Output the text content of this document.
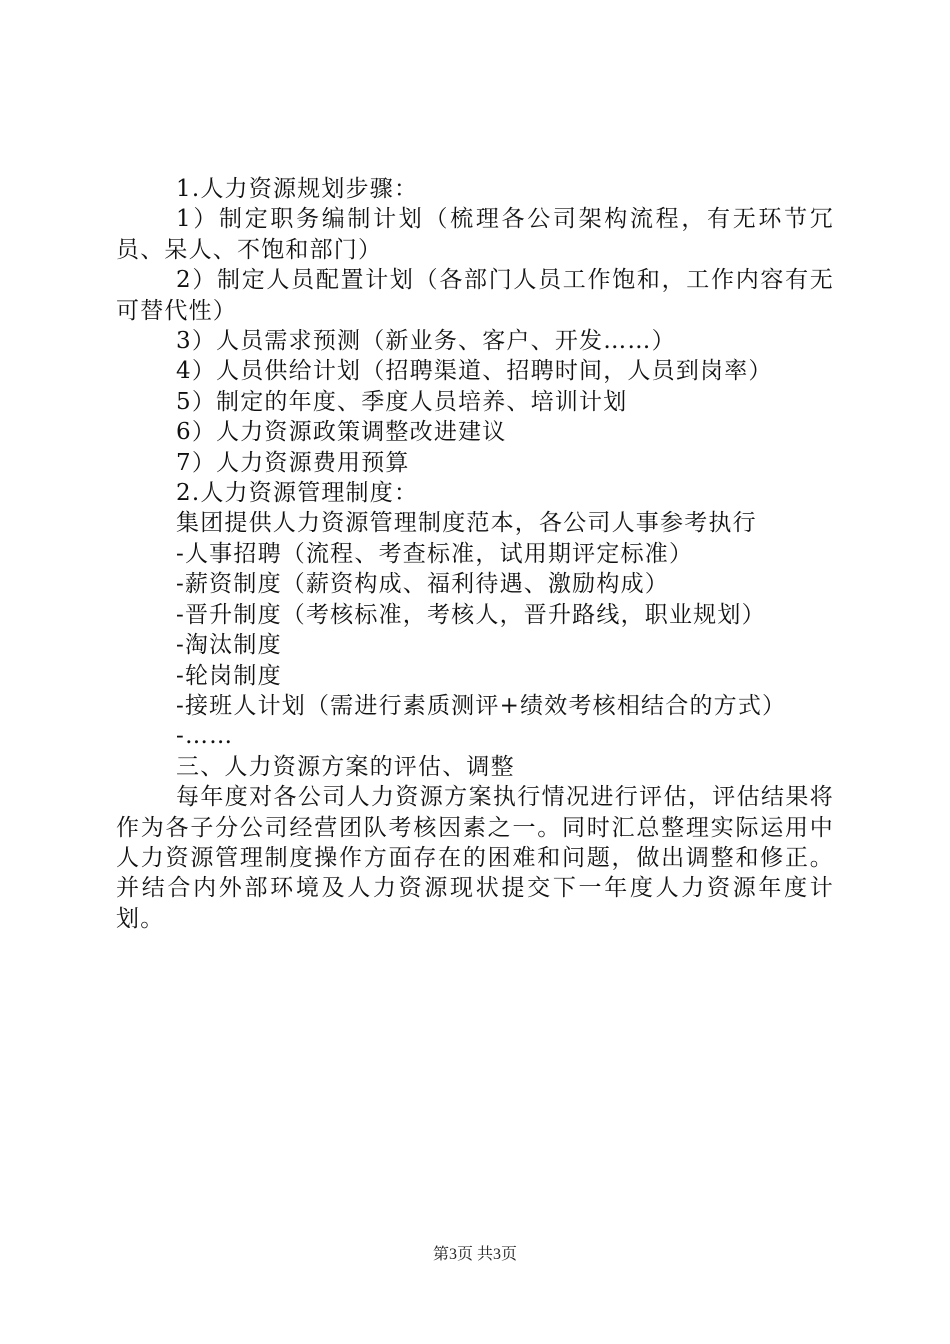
1.人力资源规划步骤：

1）制定职务编制计划（梳理各公司架构流程，有无环节冗员、呆人、不饱和部门）

2）制定人员配置计划（各部门人员工作饱和，工作内容有无可替代性）

3）人员需求预测（新业务、客户、开发……）

4）人员供给计划（招聘渠道、招聘时间，人员到岗率）

5）制定的年度、季度人员培养、培训计划

6）人力资源政策调整改进建议

7）人力资源费用预算

2.人力资源管理制度：

集团提供人力资源管理制度范本，各公司人事参考执行

-人事招聘（流程、考查标准，试用期评定标准）

-薪资制度（薪资构成、福利待遇、激励构成）

-晋升制度（考核标准，考核人，晋升路线，职业规划）

-淘汰制度

-轮岗制度

-接班人计划（需进行素质测评+绩效考核相结合的方式）

-……

三、人力资源方案的评估、调整

每年度对各公司人力资源方案执行情况进行评估，评估结果将作为各子分公司经营团队考核因素之一。同时汇总整理实际运用中人力资源管理制度操作方面存在的困难和问题，做出调整和修正。并结合内外部环境及人力资源现状提交下一年度人力资源年度计划。

第3页 共3页
